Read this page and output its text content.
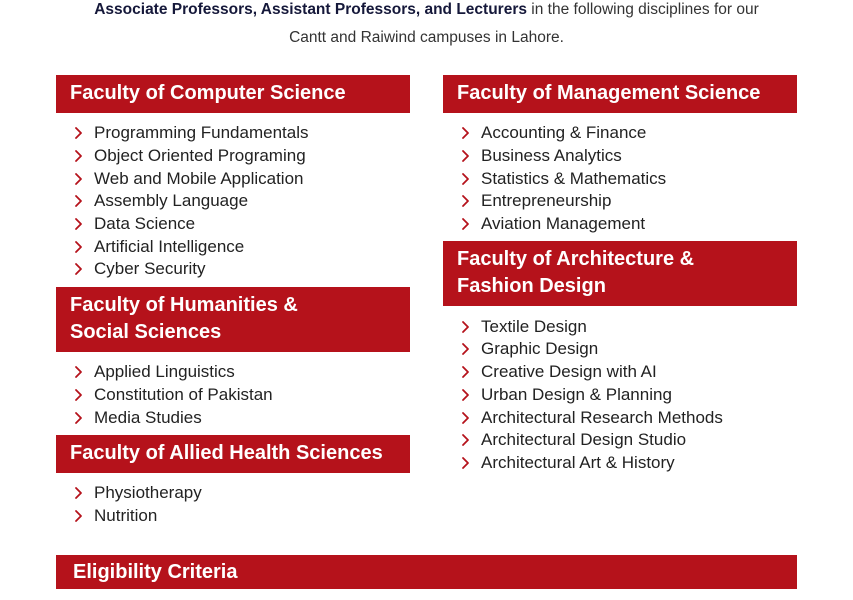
Associate Professors, Assistant Professors, and Lecturers in the following disciplines for our
Cantt and Raiwind campuses in Lahore.
Faculty of Computer Science
Programming Fundamentals
Object Oriented Programing
Web and Mobile Application
Assembly Language
Data Science
Artificial Intelligence
Cyber Security
Faculty of Humanities &
Social Sciences
Applied Linguistics
Constitution of Pakistan
Media Studies
Faculty of Allied Health Sciences
Physiotherapy
Nutrition
Faculty of Management Science
Accounting & Finance
Business Analytics
Statistics & Mathematics
Entrepreneurship
Aviation Management
Faculty of Architecture &
Fashion Design
Textile Design
Graphic Design
Creative Design with AI
Urban Design & Planning
Architectural Research Methods
Architectural Design Studio
Architectural Art & History
Eligibility Criteria
